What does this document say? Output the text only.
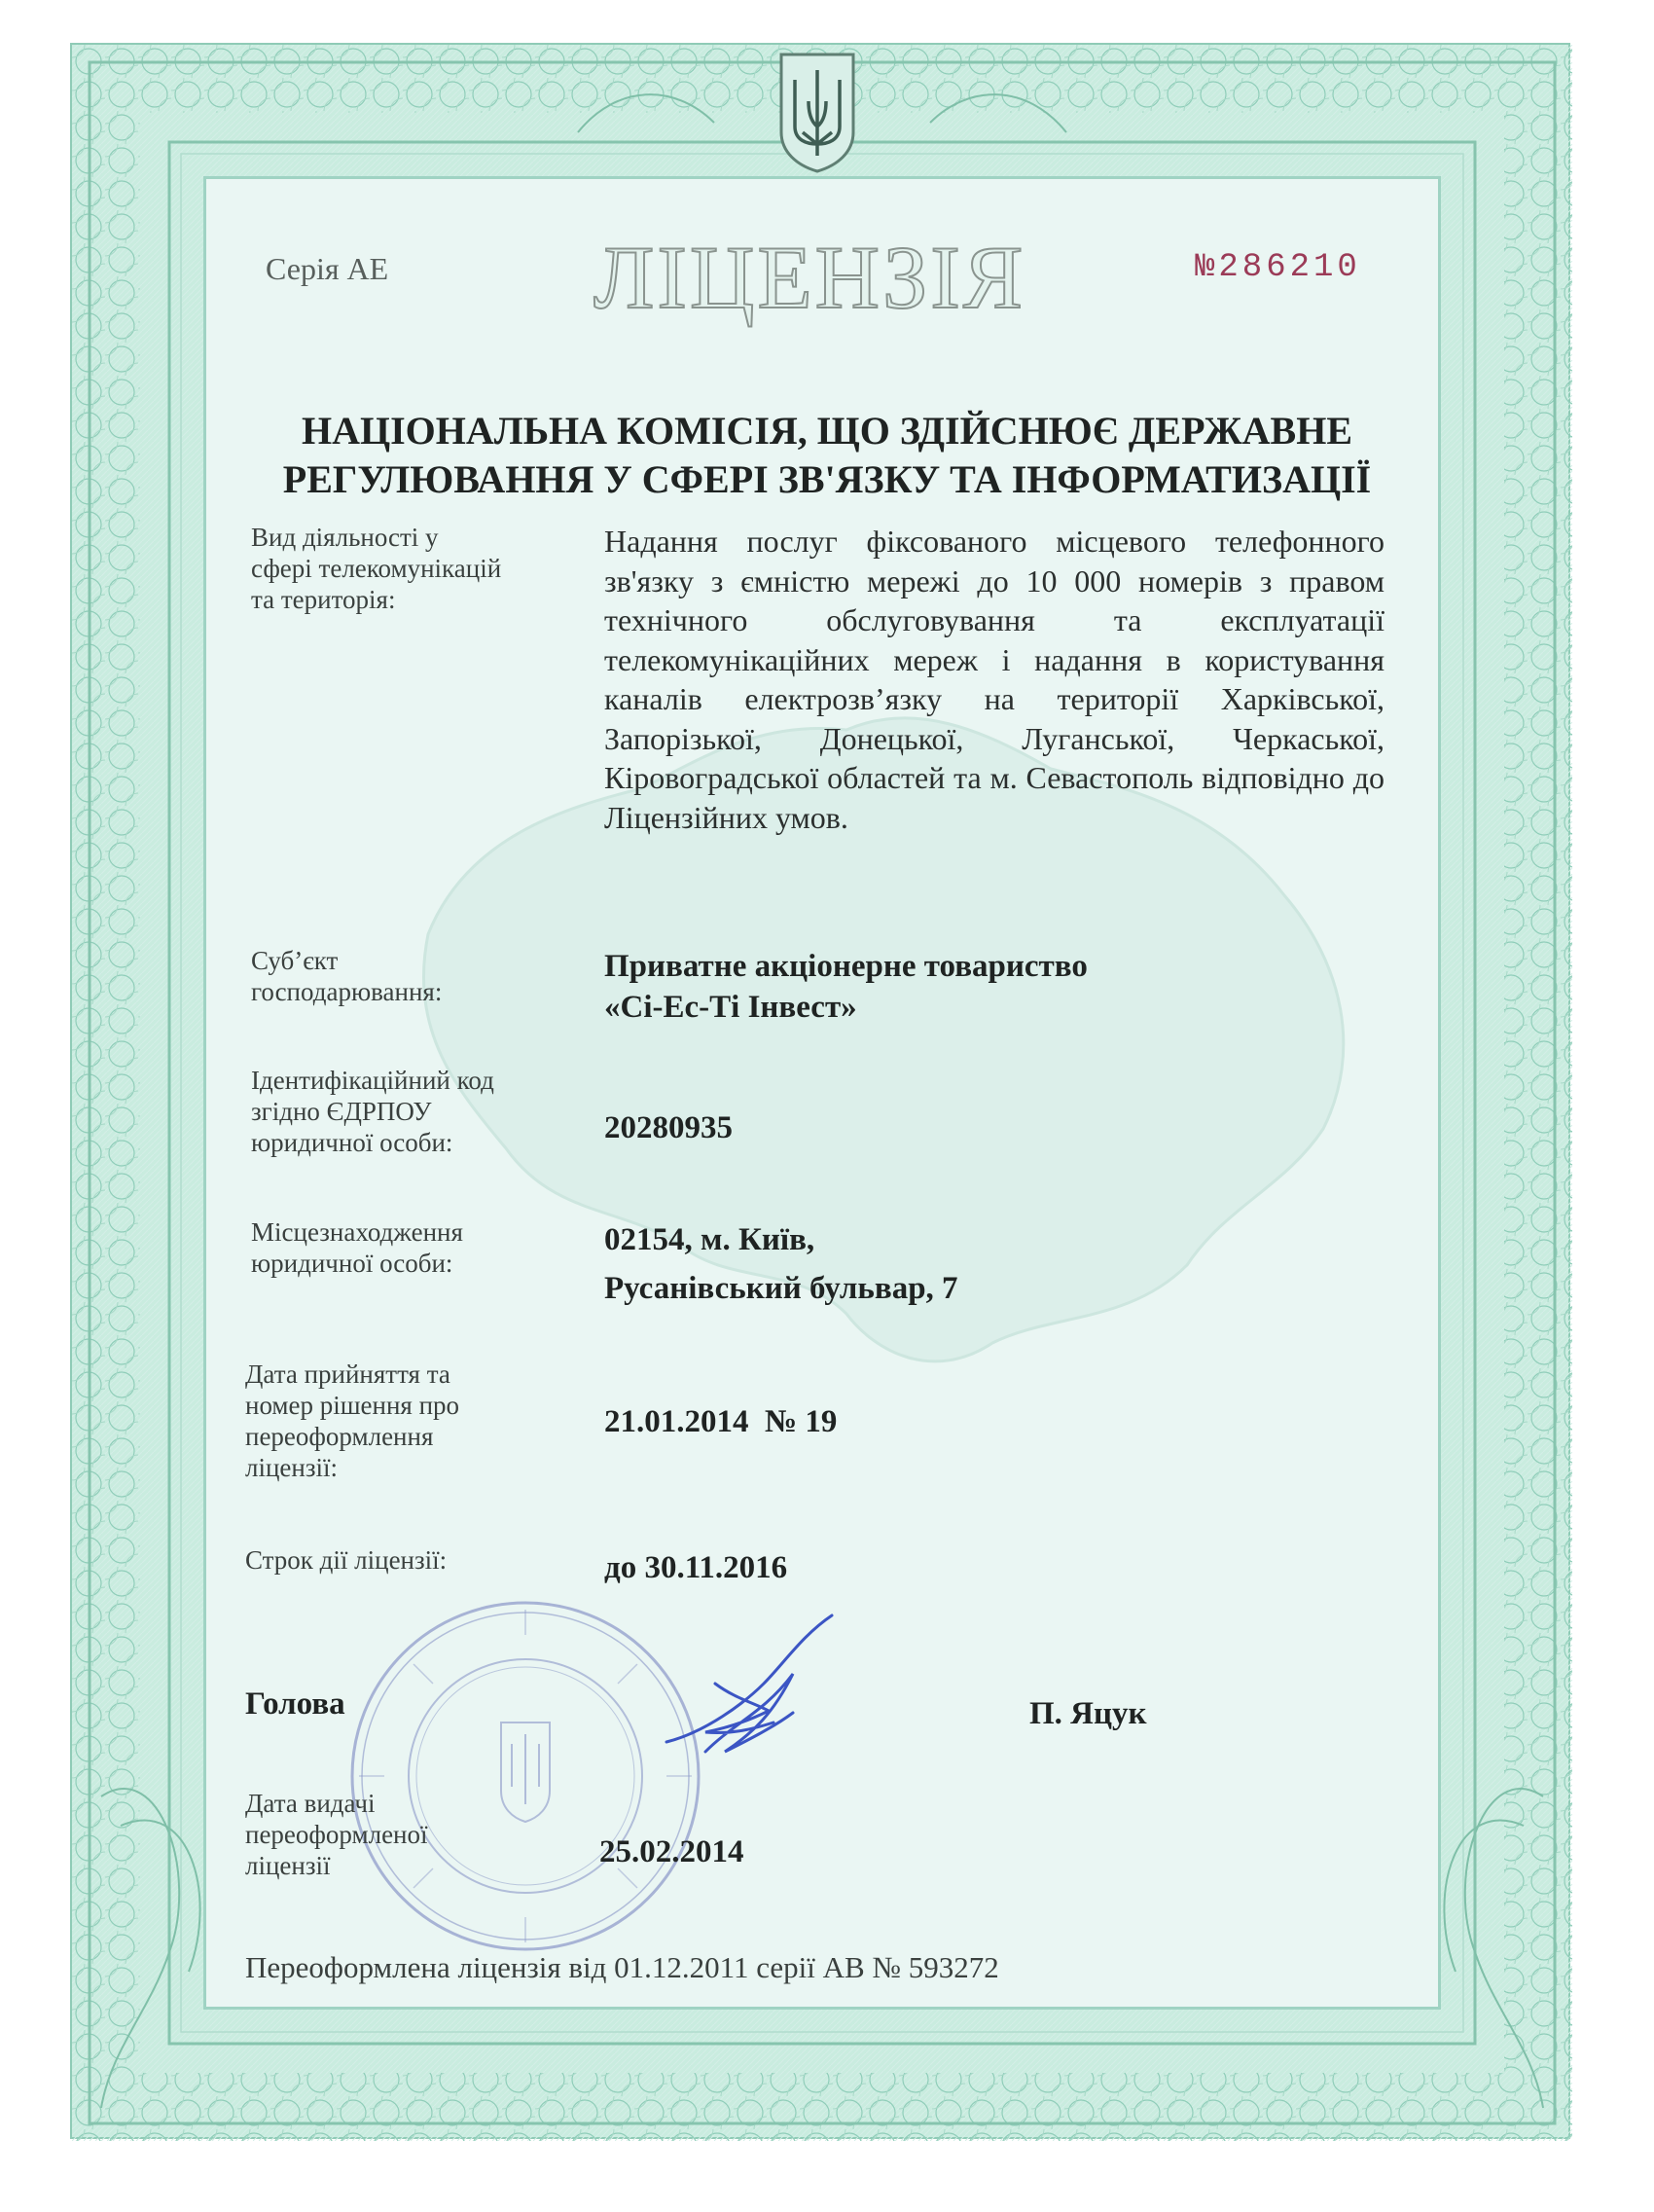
Серія АЕ ЛІЦЕНЗІЯ	№286210

НАЦІОНАЛЬНА КОМІСІЯ, ЩО ЗДІЙСНЮЄ ДЕРЖАВНЕ
РЕГУЛЮВАННЯ У СФЕРІ ЗВ'ЯЗКУ ТА ІНФОРМАТИЗАЦІЇ
Вид діяльності у
сфері телекомунікацій
та територія:

Надання послуг фіксованого місцевого телефонного зв'язку з ємністю мережі до 10 000 номерів з правом технічного обслуговування та експлуатації телекомунікаційних мереж і надання в користування каналів електрозв’язку на території Харківської, Запорізької, Донецької, Луганської, Черкаської, Кіровоградської областей та м. Севастополь відповідно до Ліцензійних умов.

Суб’єкт
господарювання:
Приватне акціонерне товариство
«Сі-Ес-Ті Інвест»
Ідентифікаційний код
згідно ЄДРПОУ
юридичної особи:	20280935

Місцезнаходження
юридичної особи:
02154, м. Київ,
Русанівський бульвар, 7
Дата прийняття та
номер рішення про
переоформлення
ліцензії:

21.01.2014  № 19

Строк дії ліцензії:	до 30.11.2016

Голова	П. Яцук

Дата видачі
переоформленої
ліцензії	25.02.2014

Переоформлена ліцензія від 01.12.2011 серії АВ № 593272
